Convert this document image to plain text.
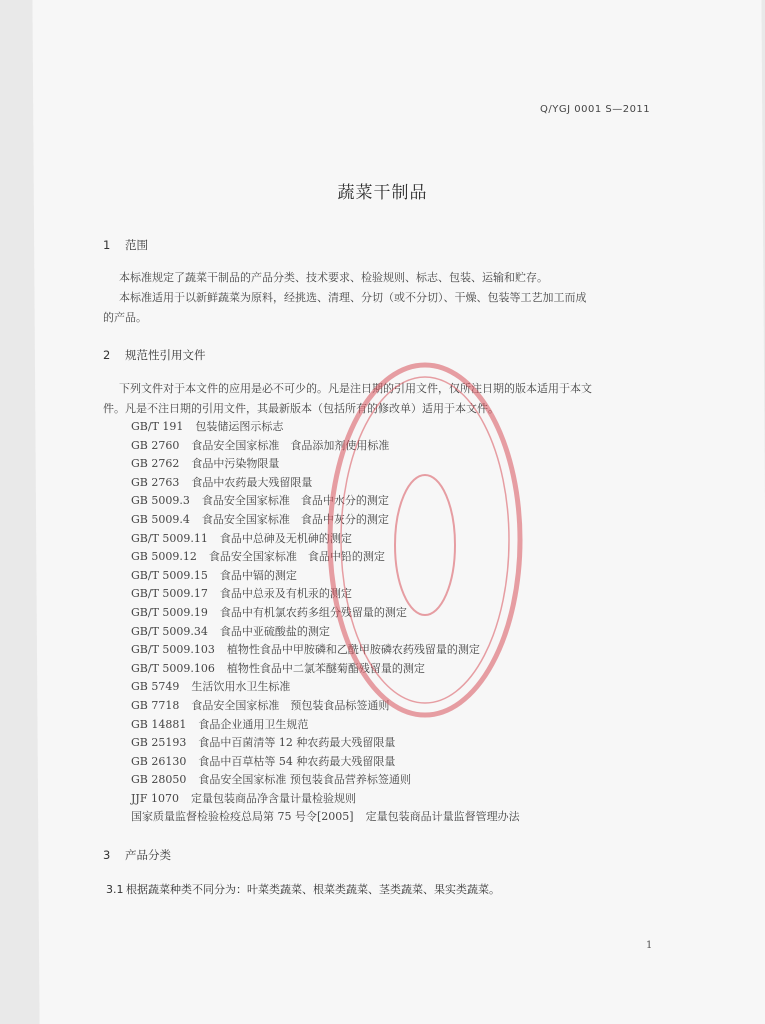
Q/YGJ 0001 S—2011
蔬菜干制品
1 范围
本标准规定了蔬菜干制品的产品分类、技术要求、检验规则、标志、包装、运输和贮存。
本标准适用于以新鲜蔬菜为原料，经挑选、清理、分切（或不分切）、干燥、包装等工艺加工而成
的产品。
2 规范性引用文件
下列文件对于本文件的应用是必不可少的。凡是注日期的引用文件，仅所注日期的版本适用于本文
件。凡是不注日期的引用文件，其最新版本（包括所有的修改单）适用于本文件。
GB/T 191 包装储运图示标志
GB 2760 食品安全国家标准　食品添加剂使用标准
GB 2762 食品中污染物限量
GB 2763 食品中农药最大残留限量
GB 5009.3 食品安全国家标准　食品中水分的测定
GB 5009.4 食品安全国家标准　食品中灰分的测定
GB/T 5009.11 食品中总砷及无机砷的测定
GB 5009.12 食品安全国家标准　食品中铅的测定
GB/T 5009.15 食品中镉的测定
GB/T 5009.17 食品中总汞及有机汞的测定
GB/T 5009.19 食品中有机氯农药多组分残留量的测定
GB/T 5009.34 食品中亚硫酸盐的测定
GB/T 5009.103 植物性食品中甲胺磷和乙酰甲胺磷农药残留量的测定
GB/T 5009.106 植物性食品中二氯苯醚菊酯残留量的测定
GB 5749 生活饮用水卫生标准
GB 7718 食品安全国家标准　预包装食品标签通则
GB 14881 食品企业通用卫生规范
GB 25193 食品中百菌清等 12 种农药最大残留限量
GB 26130 食品中百草枯等 54 种农药最大残留限量
GB 28050 食品安全国家标准 预包装食品营养标签通则
JJF 1070 定量包装商品净含量计量检验规则
国家质量监督检验检疫总局第 75 号令[2005] 定量包装商品计量监督管理办法
3 产品分类
3.1 根据蔬菜种类不同分为：叶菜类蔬菜、根菜类蔬菜、茎类蔬菜、果实类蔬菜。
1
